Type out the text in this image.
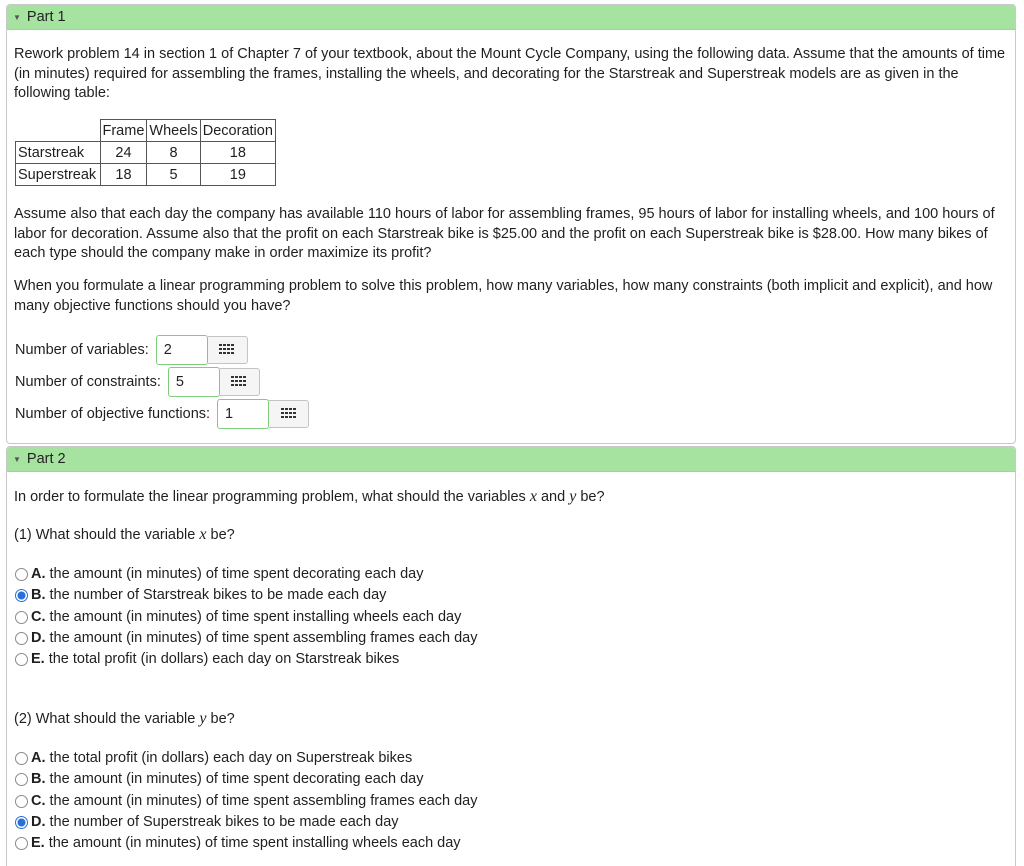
▼ Part 1

Rework problem 14 in section 1 of Chapter 7 of your textbook, about the Mount Cycle Company, using the following data. Assume that the amounts of time (in minutes) required for assembling the frames, installing the wheels, and decorating for the Starstreak and Superstreak models are as given in the following table:

	Frame	Wheels	Decoration
Starstreak	24	8	18
Superstreak	18	5	19

Assume also that each day the company has available 110 hours of labor for assembling frames, 95 hours of labor for installing wheels, and 100 hours of labor for decoration. Assume also that the profit on each Starstreak bike is $25.00 and the profit on each Superstreak bike is $28.00. How many bikes of each type should the company make in order maximize its profit?

When you formulate a linear programming problem to solve this problem, how many variables, how many constraints (both implicit and explicit), and how many objective functions should you have?

Number of variables:
2
Number of constraints:
5
Number of objective functions:
1
▼ Part 2

In order to formulate the linear programming problem, what should the variables x and y be?

(1) What should the variable x be?

A. the amount (in minutes) of time spent decorating each day
B. the number of Starstreak bikes to be made each day
C. the amount (in minutes) of time spent installing wheels each day
D. the amount (in minutes) of time spent assembling frames each day
E. the total profit (in dollars) each day on Starstreak bikes

(2) What should the variable y be?

A. the total profit (in dollars) each day on Superstreak bikes
B. the amount (in minutes) of time spent decorating each day
C. the amount (in minutes) of time spent assembling frames each day
D. the number of Superstreak bikes to be made each day
E. the amount (in minutes) of time spent installing wheels each day
